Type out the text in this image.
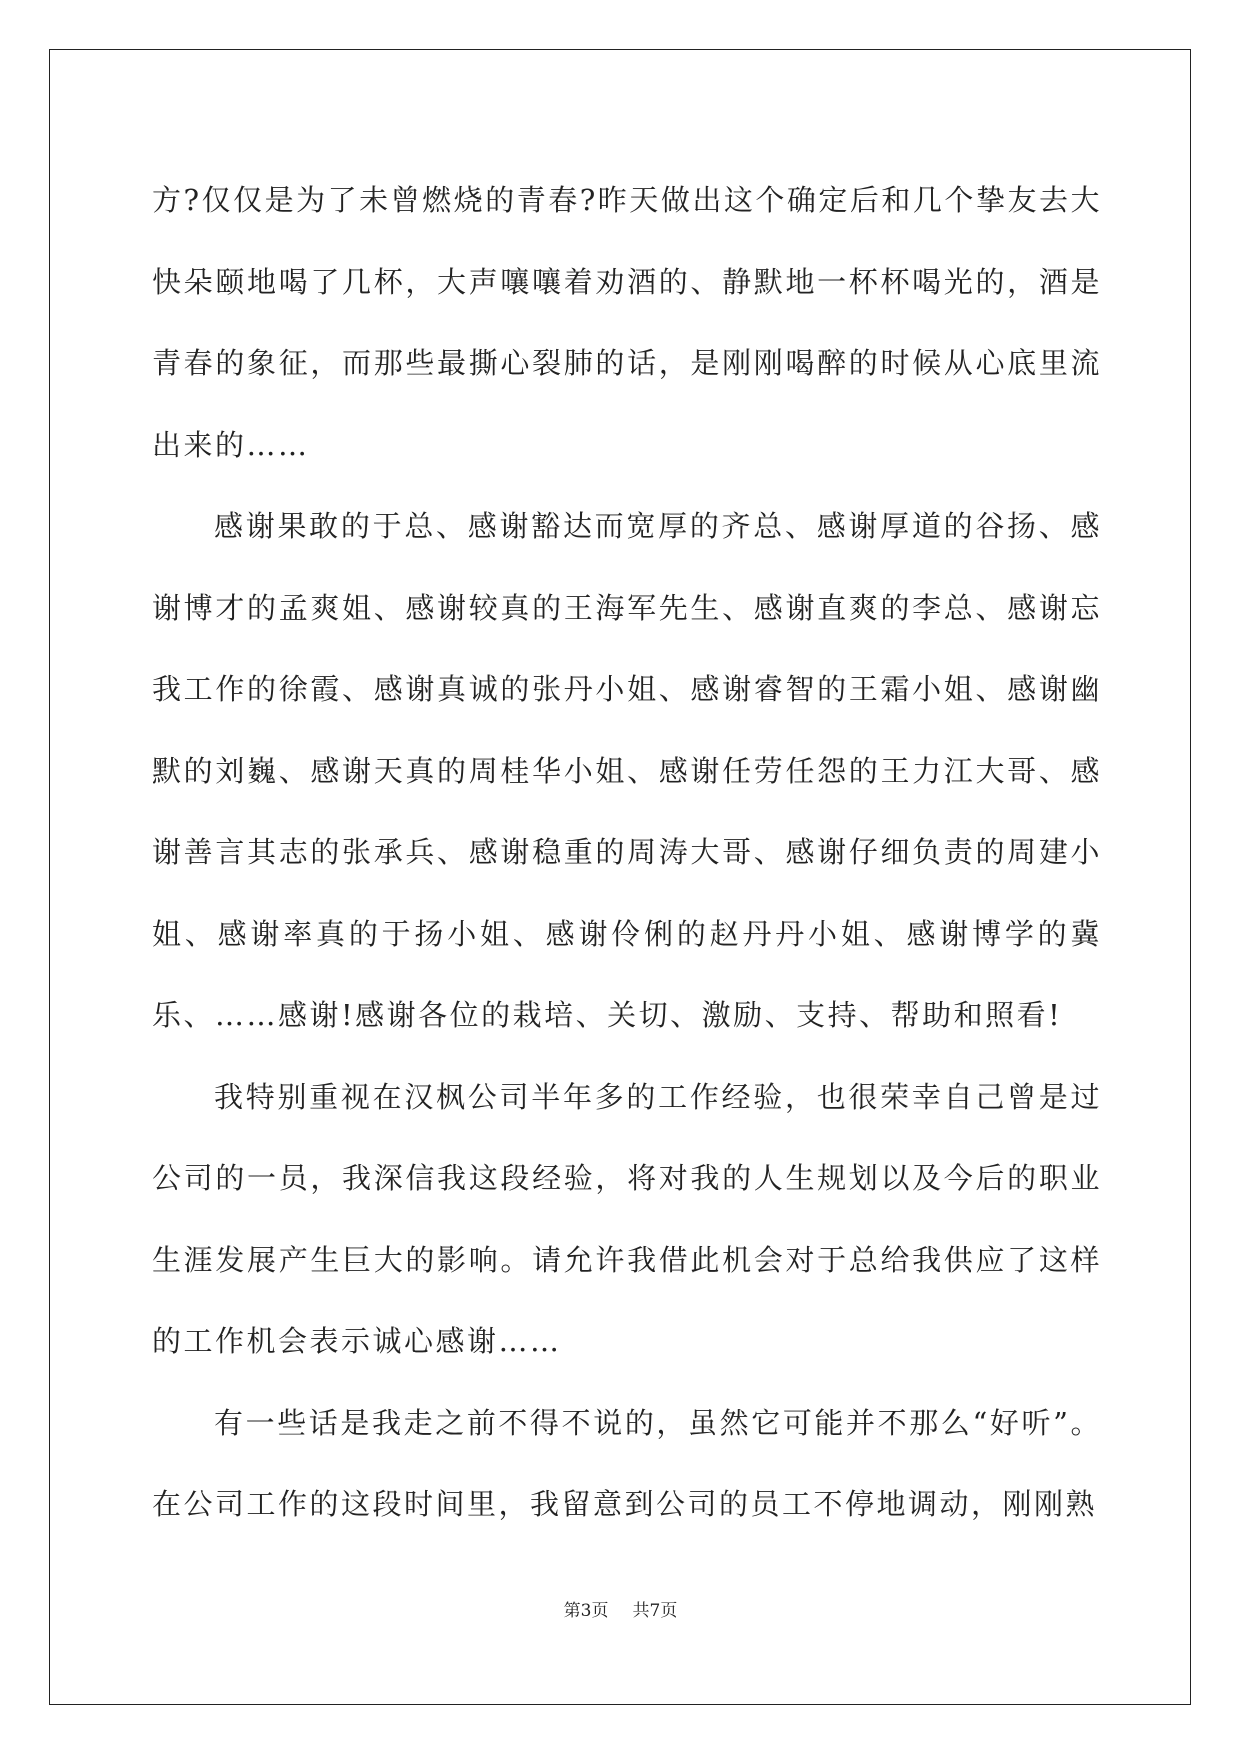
方?仅仅是为了未曾燃烧的青春?昨天做出这个确定后和几个挚友去大快朵颐地喝了几杯，大声嚷嚷着劝酒的、静默地一杯杯喝光的，酒是青春的象征，而那些最撕心裂肺的话，是刚刚喝醉的时候从心底里流出来的……

感谢果敢的于总、感谢豁达而宽厚的齐总、感谢厚道的谷扬、感谢博才的孟爽姐、感谢较真的王海军先生、感谢直爽的李总、感谢忘我工作的徐霞、感谢真诚的张丹小姐、感谢睿智的王霜小姐、感谢幽默的刘巍、感谢天真的周桂华小姐、感谢任劳任怨的王力江大哥、感谢善言其志的张承兵、感谢稳重的周涛大哥、感谢仔细负责的周建小姐、感谢率真的于扬小姐、感谢伶俐的赵丹丹小姐、感谢博学的冀乐、……感谢!感谢各位的栽培、关切、激励、支持、帮助和照看!

我特别重视在汉枫公司半年多的工作经验，也很荣幸自己曾是过公司的一员，我深信我这段经验，将对我的人生规划以及今后的职业生涯发展产生巨大的影响。请允许我借此机会对于总给我供应了这样的工作机会表示诚心感谢……

有一些话是我走之前不得不说的，虽然它可能并不那么“好听”。在公司工作的这段时间里，我留意到公司的员工不停地调动，刚刚熟

第3页 共7页
